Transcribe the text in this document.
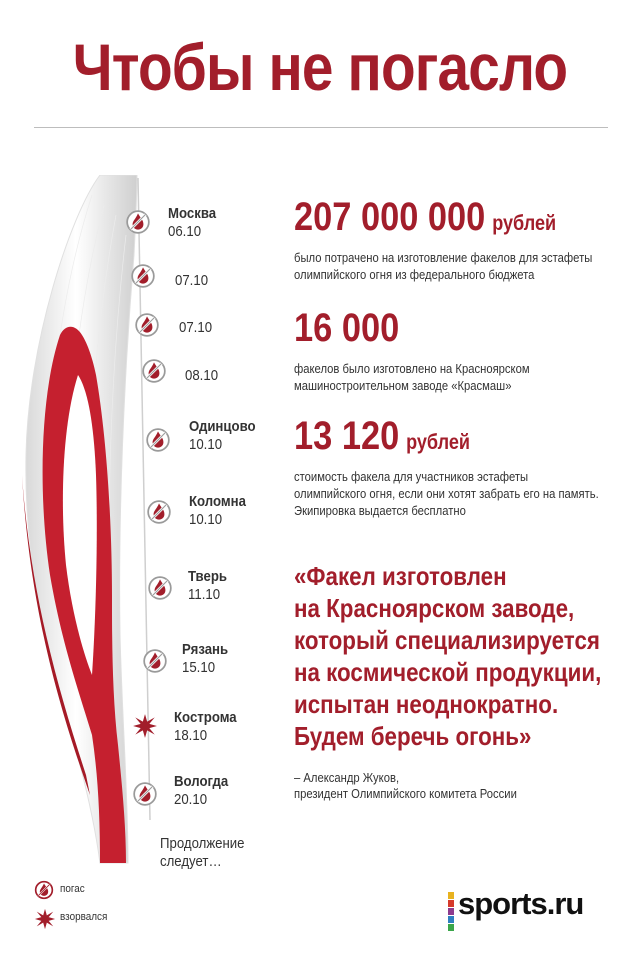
Чтобы не погасло
Москва
06.10
07.10
07.10
08.10
Одинцово
10.10
Коломна
10.10
Тверь
11.10
Рязань
15.10
Кострома
18.10
Вологда
20.10
Продолжение
следует…
207 000 000 рублей
было потрачено на изготовление факелов для эстафеты
олимпийского огня из федерального бюджета
16 000
факелов было изготовлено на Красноярском
машиностроительном заводе «Красмаш»
13 120 рублей
стоимость факела для участников эстафеты
олимпийского огня, если они хотят забрать его на память.
Экипировка выдается бесплатно
«Факел изготовлен
на Красноярском заводе,
который специализируется
на космической продукции,
испытан неоднократно.
Будем беречь огонь»
– Александр Жуков,
президент Олимпийского комитета России
погас
взорвался	sports.ru
